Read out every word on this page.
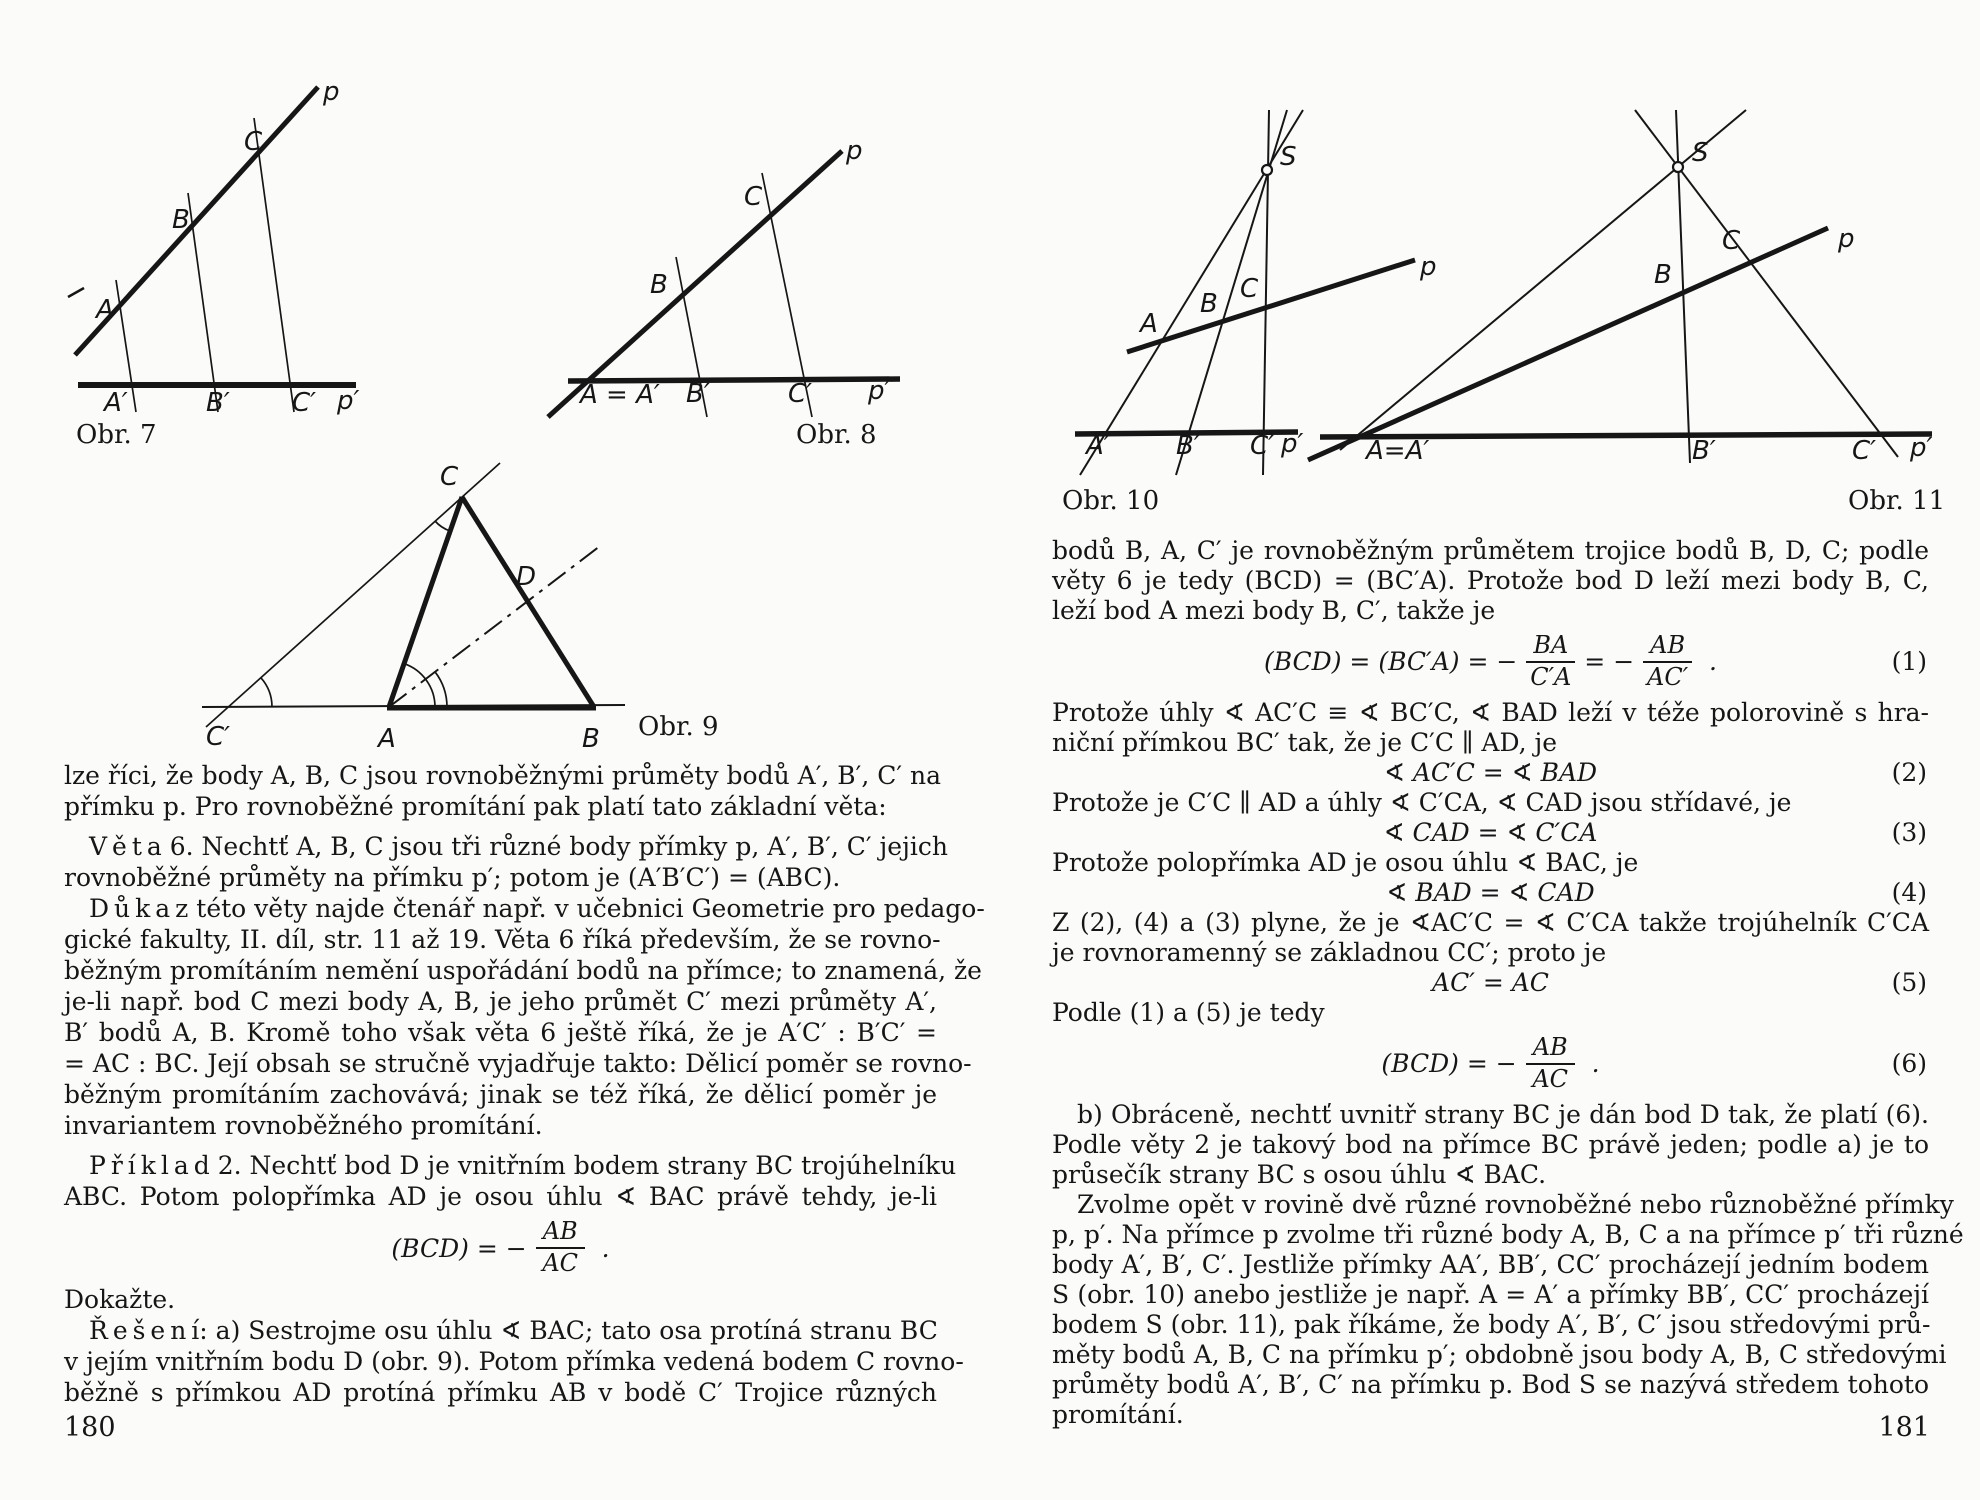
A
B
C
p
A′	B′ C′ p′
Obr. 7
A = A′
B
C
p
B′	C′ p′
Obr. 8
C
D
C′	A	B Obr. 9
S
A
B C
p
A′	B′ C′ p′
Obr. 10
S
B
C	p
A=A′	B′	C′ p′
Obr. 11
lze říci, že body A, B, C jsou rovnoběžnými průměty bodů A′, B′, C′ na
přímku p. Pro rovnoběžné promítání pak platí tato základní věta:
 V ě t a 6. Nechtť A, B, C jsou tři různé body přímky p, A′, B′, C′ jejich
rovnoběžné průměty na přímku p′; potom je (A′B′C′) = (ABC).
 D ů k a z této věty najde čtenář např. v učebnici Geometrie pro pedago-
gické fakulty, II. díl, str. 11 až 19. Věta 6 říká především, že se rovno-
běžným promítáním nemění uspořádání bodů na přímce; to znamená, že
je-li např. bod C mezi body A, B, je jeho průmět C′ mezi průměty A′,
B′ bodů A, B. Kromě toho však věta 6 ještě říká, že je A′C′ : B′C′ =
= AC : BC. Její obsah se stručně vyjadřuje takto: Dělicí poměr se rovno-
běžným promítáním zachovává; jinak se též říká, že dělicí poměr je
invariantem rovnoběžného promítání.
 P ř í k l a d 2. Nechtť bod D je vnitřním bodem strany BC trojúhelníku
ABC. Potom polopřímka AD je osou úhlu ∢ BAC právě tehdy, je-li
(BCD) = − $\frac{AB}{AC}$ .
Dokažte.
 Ř e š e n í: a) Sestrojme osu úhlu ∢ BAC; tato osa protíná stranu BC
v jejím vnitřním bodu D (obr. 9). Potom přímka vedená bodem C rovno-
běžně s přímkou AD protíná přímku AB v bodě C′ Trojice různých
180
bodů B, A, C′ je rovnoběžným průmětem trojice bodů B, D, C; podle
věty 6 je tedy (BCD) = (BC′A). Protože bod D leží mezi body B, C,
leží bod A mezi body B, C′, takže je
(BCD) = (BC′A) = − $\frac{BA}{C'A}$ = − $\frac{AB}{AC'}$ .	(1)
Protože úhly ∢ AC′C ≡ ∢ BC′C, ∢ BAD leží v téže polorovině s hra-
niční přímkou BC′ tak, že je C′C ∥ AD, je
∢ AC′C = ∢ BAD	(2)
Protože je C′C ∥ AD a úhly ∢ C′CA, ∢ CAD jsou střídavé, je
∢ CAD = ∢ C′CA	(3)
Protože polopřímka AD je osou úhlu ∢ BAC, je
∢ BAD = ∢ CAD	(4)
Z (2), (4) a (3) plyne, že je ∢AC′C = ∢ C′CA takže trojúhelník C′CA
je rovnoramenný se základnou CC′; proto je
AC′ = AC	(5)
Podle (1) a (5) je tedy
(BCD) = − $\frac{AB}{AC}$ .	(6)
 b) Obráceně, nechtť uvnitř strany BC je dán bod D tak, že platí (6).
Podle věty 2 je takový bod na přímce BC právě jeden; podle a) je to
průsečík strany BC s osou úhlu ∢ BAC.
 Zvolme opět v rovině dvě různé rovnoběžné nebo různoběžné přímky
p, p′. Na přímce p zvolme tři různé body A, B, C a na přímce p′ tři různé
body A′, B′, C′. Jestliže přímky AA′, BB′, CC′ procházejí jedním bodem
S (obr. 10) anebo jestliže je např. A = A′ a přímky BB′, CC′ procházejí
bodem S (obr. 11), pak říkáme, že body A′, B′, C′ jsou středovými prů-
měty bodů A, B, C na přímku p′; obdobně jsou body A, B, C středovými
průměty bodů A′, B′, C′ na přímku p. Bod S se nazývá středem tohoto
promítání.	181
